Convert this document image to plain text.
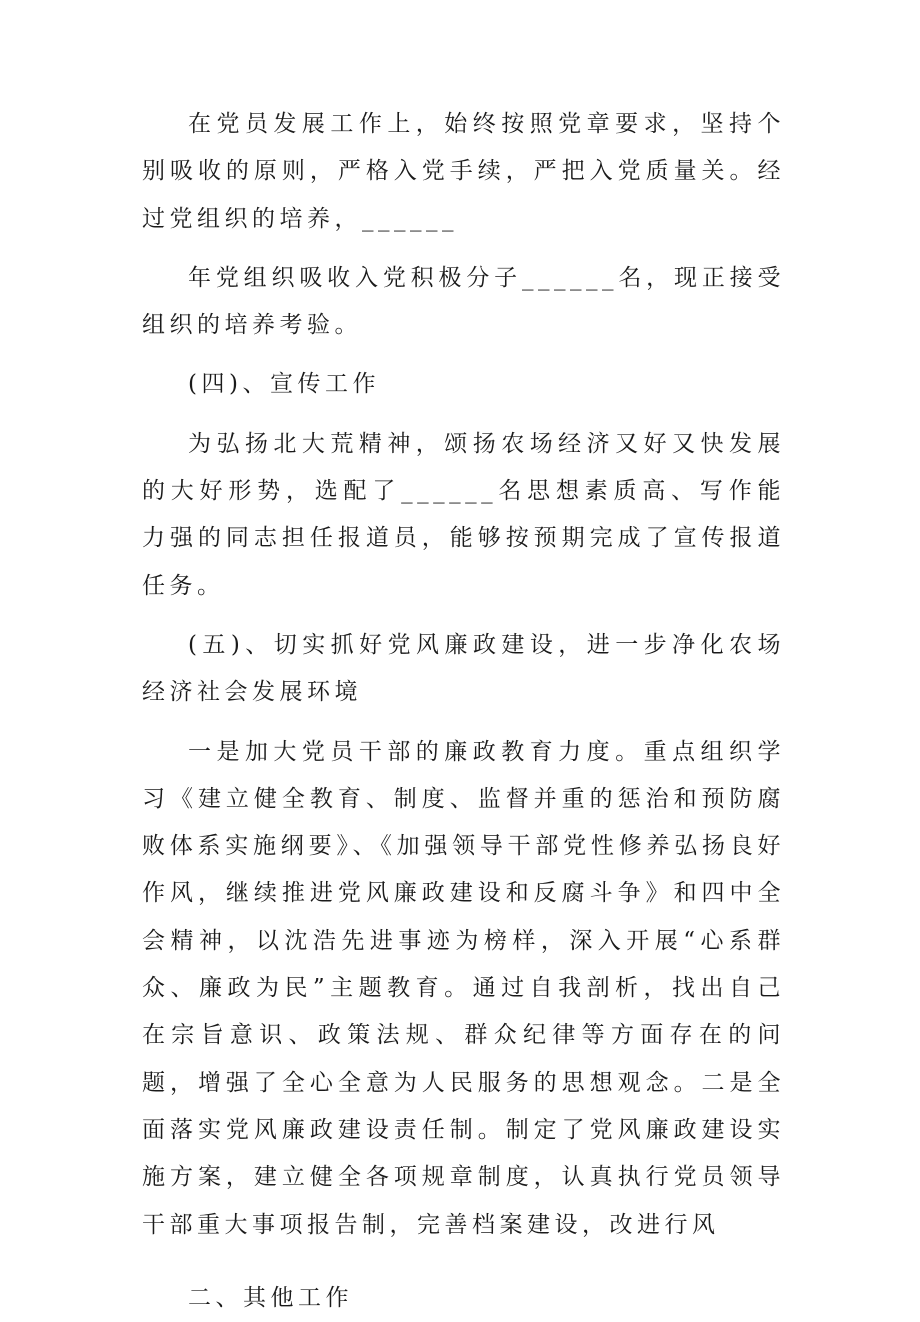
在党员发展工作上，始终按照党章要求，坚持个别吸收的原则，严格入党手续，严把入党质量关。经过党组织的培养，______

年党组织吸收入党积极分子______名，现正接受组织的培养考验。

(四)、宣传工作

为弘扬北大荒精神，颂扬农场经济又好又快发展的大好形势，选配了______名思想素质高、写作能力强的同志担任报道员，能够按预期完成了宣传报道任务。

(五)、切实抓好党风廉政建设，进一步净化农场经济社会发展环境

一是加大党员干部的廉政教育力度。重点组织学习《建立健全教育、制度、监督并重的惩治和预防腐败体系实施纲要》、《加强领导干部党性修养弘扬良好作风，继续推进党风廉政建设和反腐斗争》和四中全会精神，以沈浩先进事迹为榜样，深入开展“心系群众、廉政为民”主题教育。通过自我剖析，找出自己在宗旨意识、政策法规、群众纪律等方面存在的问题，增强了全心全意为人民服务的思想观念。二是全面落实党风廉政建设责任制。制定了党风廉政建设实施方案，建立健全各项规章制度，认真执行党员领导干部重大事项报告制，完善档案建设，改进行风

二、其他工作
